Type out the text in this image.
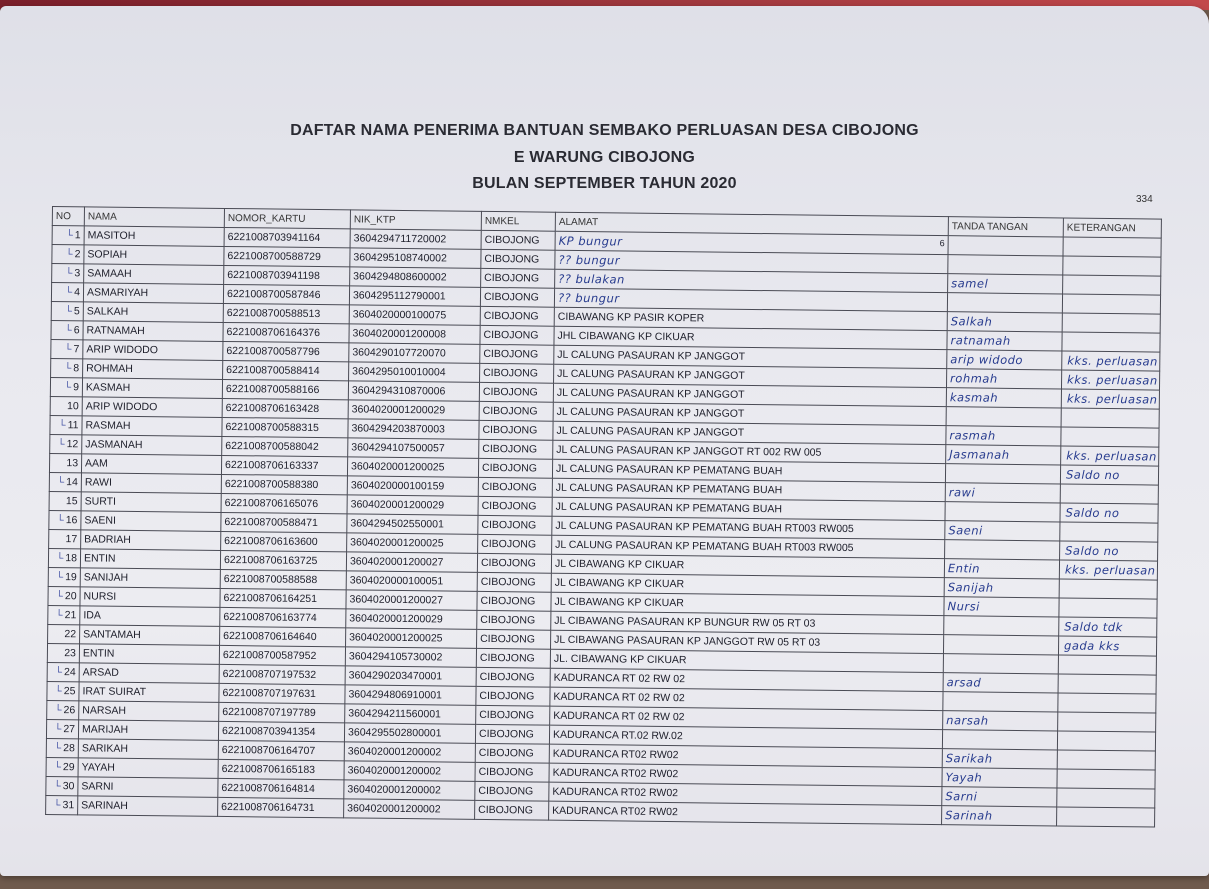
DAFTAR NAMA PENERIMA BANTUAN SEMBAKO PERLUASAN DESA CIBOJONG
E WARUNG CIBOJONG
BULAN SEPTEMBER TAHUN 2020
334
NO	NAMA	NOMOR_KARTU	NIK_KTP	NMKEL	ALAMAT	TANDA TANGAN	KETERANGAN
└ 1	MASITOH	6221008703941164	3604294711720002	CIBOJONG	KP bungur 6		

└ 2	SOPIAH	6221008700588729	3604295108740002	CIBOJONG	?? bungur		
└ 3	SAMAAH	6221008703941198	3604294808600002	CIBOJONG	?? bulakan	samel	
└ 4	ASMARIYAH	6221008700587846	3604295112790001	CIBOJONG	?? bungur		
└ 5	SALKAH	6221008700588513	3604020000100075	CIBOJONG	CIBAWANG KP PASIR KOPER	Salkah	
└ 6	RATNAMAH	6221008706164376	3604020001200008	CIBOJONG	JHL CIBAWANG KP CIKUAR	ratnamah	
└ 7	ARIP WIDODO	6221008700587796	3604290107720070	CIBOJONG	JL CALUNG PASAURAN KP JANGGOT	arip widodo	kks. perluasan
└ 8	ROHMAH	6221008700588414	3604295010010004	CIBOJONG	JL CALUNG PASAURAN KP JANGGOT	rohmah	kks. perluasan
└ 9	KASMAH	6221008700588166	3604294310870006	CIBOJONG	JL CALUNG PASAURAN KP JANGGOT	kasmah	kks. perluasan
10	ARIP WIDODO	6221008706163428	3604020001200029	CIBOJONG	JL CALUNG PASAURAN KP JANGGOT		
└ 11	RASMAH	6221008700588315	3604294203870003	CIBOJONG	JL CALUNG PASAURAN KP JANGGOT	rasmah	
└ 12	JASMANAH	6221008700588042	3604294107500057	CIBOJONG	JL CALUNG PASAURAN KP JANGGOT RT 002 RW 005	Jasmanah	kks. perluasan
13	AAM	6221008706163337	3604020001200025	CIBOJONG	JL CALUNG PASAURAN KP PEMATANG BUAH		Saldo no
└ 14	RAWI	6221008700588380	3604020000100159	CIBOJONG	JL CALUNG PASAURAN KP PEMATANG BUAH	rawi	
15	SURTI	6221008706165076	3604020001200029	CIBOJONG	JL CALUNG PASAURAN KP PEMATANG BUAH		Saldo no
└ 16	SAENI	6221008700588471	3604294502550001	CIBOJONG	JL CALUNG PASAURAN KP PEMATANG BUAH RT003 RW005	Saeni	
17	BADRIAH	6221008706163600	3604020001200025	CIBOJONG	JL CALUNG PASAURAN KP PEMATANG BUAH RT003 RW005		Saldo no
└ 18	ENTIN	6221008706163725	3604020001200027	CIBOJONG	JL CIBAWANG KP CIKUAR	Entin	kks. perluasan
└ 19	SANIJAH	6221008700588588	3604020000100051	CIBOJONG	JL CIBAWANG KP CIKUAR	Sanijah	
└ 20	NURSI	6221008706164251	3604020001200027	CIBOJONG	JL CIBAWANG KP CIKUAR	Nursi	
└ 21	IDA	6221008706163774	3604020001200029	CIBOJONG	JL CIBAWANG PASAURAN KP BUNGUR RW 05 RT 03		Saldo tdk
22	SANTAMAH	6221008706164640	3604020001200025	CIBOJONG	JL CIBAWANG PASAURAN KP JANGGOT RW 05 RT 03		gada kks
23	ENTIN	6221008700587952	3604294105730002	CIBOJONG	JL. CIBAWANG KP CIKUAR		
└ 24	ARSAD	6221008707197532	3604290203470001	CIBOJONG	KADURANCA RT 02 RW 02	arsad	
└ 25	IRAT SUIRAT	6221008707197631	3604294806910001	CIBOJONG	KADURANCA RT 02 RW 02		
└ 26	NARSAH	6221008707197789	3604294211560001	CIBOJONG	KADURANCA RT 02 RW 02	narsah	
└ 27	MARIJAH	6221008703941354	3604295502800001	CIBOJONG	KADURANCA RT.02 RW.02		
└ 28	SARIKAH	6221008706164707	3604020001200002	CIBOJONG	KADURANCA RT02 RW02	Sarikah	
└ 29	YAYAH	6221008706165183	3604020001200002	CIBOJONG	KADURANCA RT02 RW02	Yayah	
└ 30	SARNI	6221008706164814	3604020001200002	CIBOJONG	KADURANCA RT02 RW02	Sarni	
└ 31	SARINAH	6221008706164731	3604020001200002	CIBOJONG	KADURANCA RT02 RW02	Sarinah	
